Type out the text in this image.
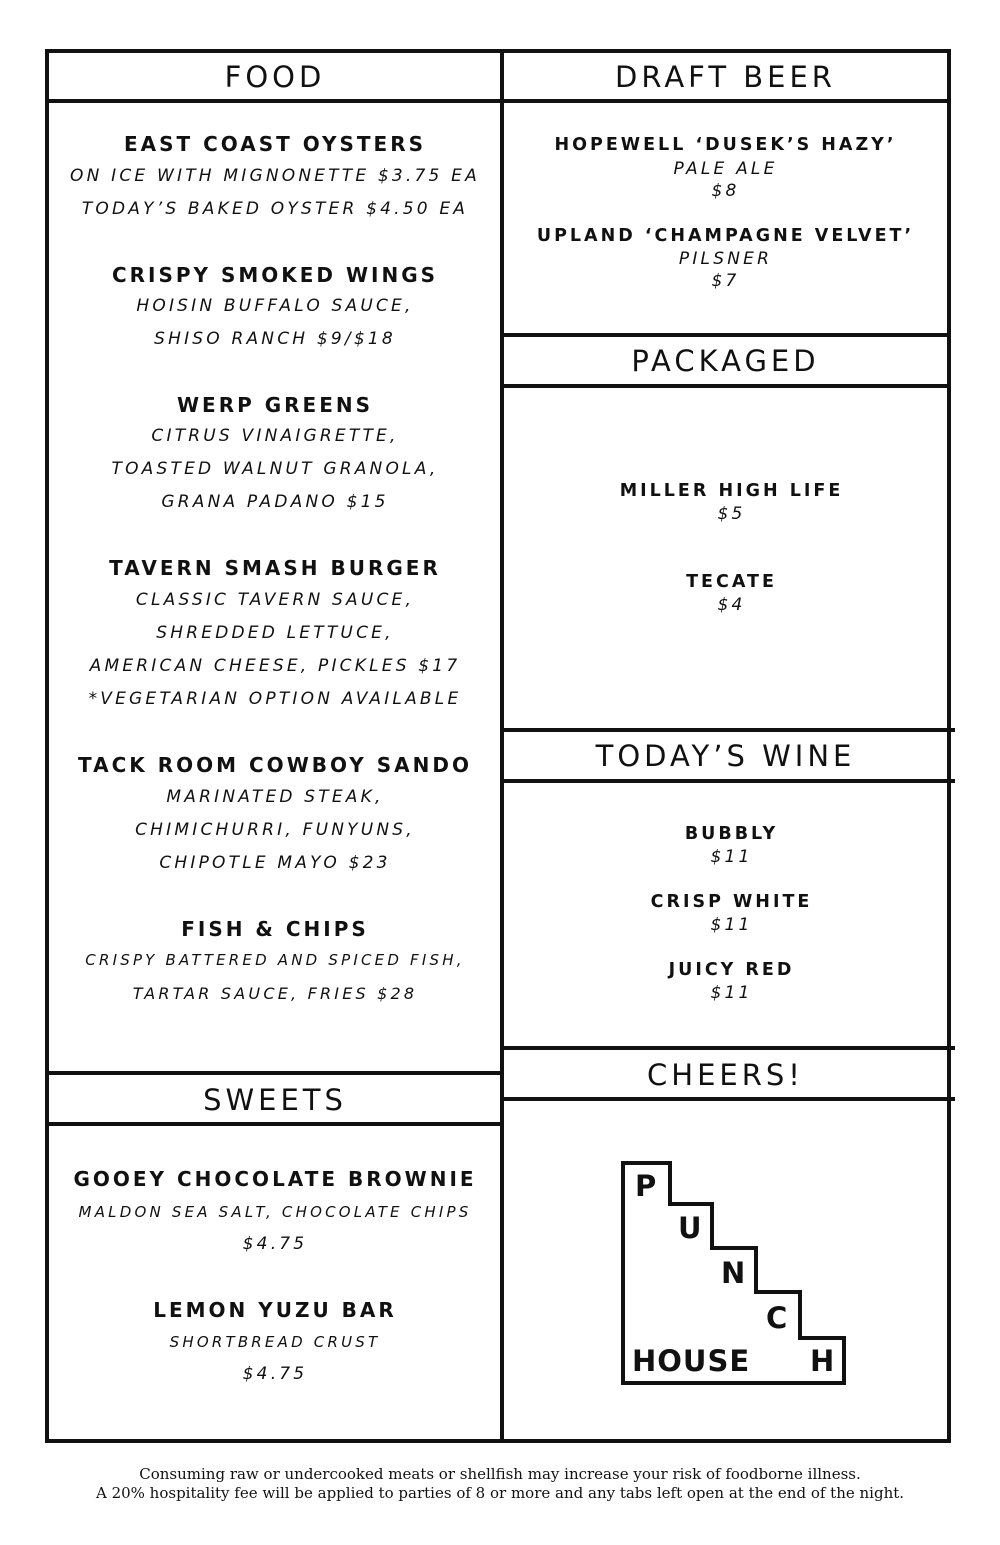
FOOD
SWEETS
DRAFT BEER
PACKAGED
TODAY’S WINE
CHEERS!
EAST COAST OYSTERS
ON ICE WITH MIGNONETTE $3.75 EA
TODAY’S BAKED OYSTER $4.50 EA
CRISPY SMOKED WINGS
HOISIN BUFFALO SAUCE,
SHISO RANCH $9/$18
WERP GREENS
CITRUS VINAIGRETTE,
TOASTED WALNUT GRANOLA,
GRANA PADANO $15
TAVERN SMASH BURGER
CLASSIC TAVERN SAUCE,
SHREDDED LETTUCE,
AMERICAN CHEESE, PICKLES $17
*VEGETARIAN OPTION AVAILABLE
TACK ROOM COWBOY SANDO
MARINATED STEAK,
CHIMICHURRI, FUNYUNS,
CHIPOTLE MAYO $23
FISH & CHIPS
CRISPY BATTERED AND SPICED FISH,
TARTAR SAUCE, FRIES $28
GOOEY CHOCOLATE BROWNIE
MALDON SEA SALT, CHOCOLATE CHIPS
$4.75
LEMON YUZU BAR
SHORTBREAD CRUST
$4.75
HOPEWELL ‘DUSEK’S HAZY’
PALE ALE
$8
UPLAND ‘CHAMPAGNE VELVET’
PILSNER
$7
MILLER HIGH LIFE
$5
TECATE
$4
BUBBLY
$11
CRISP WHITE
$11
JUICY RED
$11
P
U
N
C
HOUSE H
Consuming raw or undercooked meats or shellfish may increase your risk of foodborne illness.
A 20% hospitality fee will be applied to parties of 8 or more and any tabs left open at the end of the night.
